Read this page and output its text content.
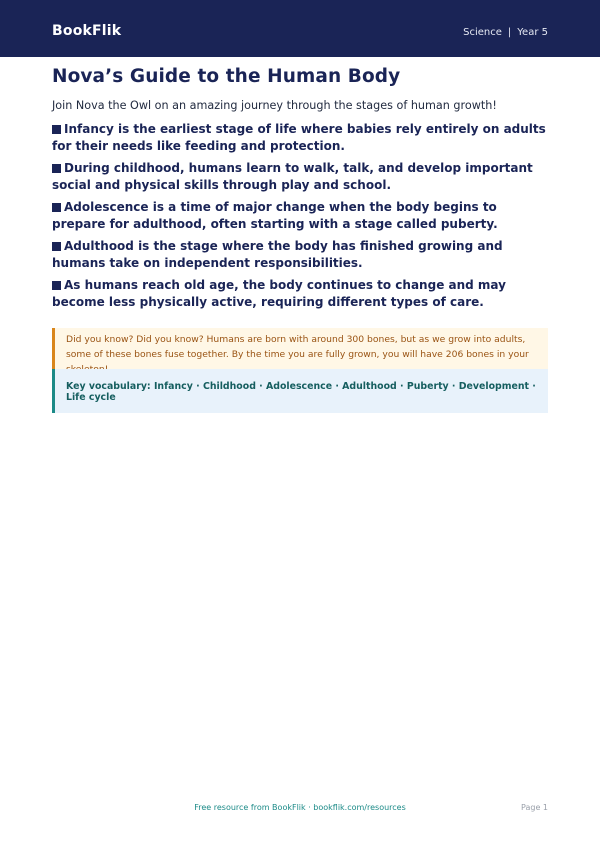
BookFlik	Science | Year 5
Nova’s Guide to the Human Body
Join Nova the Owl on an amazing journey through the stages of human growth!
Infancy is the earliest stage of life where babies rely entirely on adults for their needs like feeding and protection.
During childhood, humans learn to walk, talk, and develop important social and physical skills through play and school.
Adolescence is a time of major change when the body begins to prepare for adulthood, often starting with a stage called puberty.
Adulthood is the stage where the body has finished growing and humans take on independent responsibilities.
As humans reach old age, the body continues to change and may become less physically active, requiring different types of care.
Did you know? Did you know? Humans are born with around 300 bones, but as we grow into adults, some of these bones fuse together. By the time you are fully grown, you will have 206 bones in your
Key vocabulary: Infancy · Childhood · Adolescence · Adulthood · Puberty · Development · Life cycle
Free resource from BookFlik · bookflik.com/resources	Page 1
